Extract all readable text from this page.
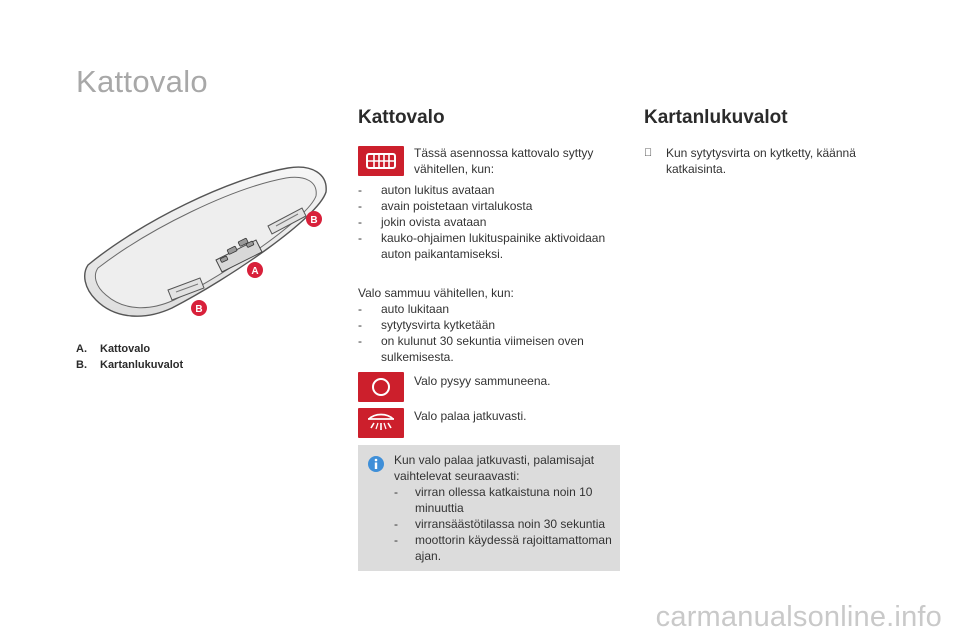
Kattovalo
B
A
B
A.	Kattovalo
B.	Kartanlukuvalot
Kattovalo
Tässä asennossa kattovalo syttyy vähitellen, kun:
- auton lukitus avataan
- avain poistetaan virtalukosta
- jokin ovista avataan
- kauko-ohjaimen lukituspainike aktivoidaan auton paikantamiseksi.
Valo sammuu vähitellen, kun:
- auto lukitaan
- sytytysvirta kytketään
- on kulunut 30 sekuntia viimeisen oven sulkemisesta.
Valo pysyy sammuneena.
Valo palaa jatkuvasti.
Kun valo palaa jatkuvasti, palamisajat vaihtelevat seuraavasti:
- virran ollessa katkaistuna noin 10 minuuttia
- virransäästötilassa noin 30 sekuntia
- moottorin käydessä rajoittamattoman ajan.
Kartanlukuvalot
Kun sytytysvirta on kytketty, käännä katkaisinta.
carmanualsonline.info
